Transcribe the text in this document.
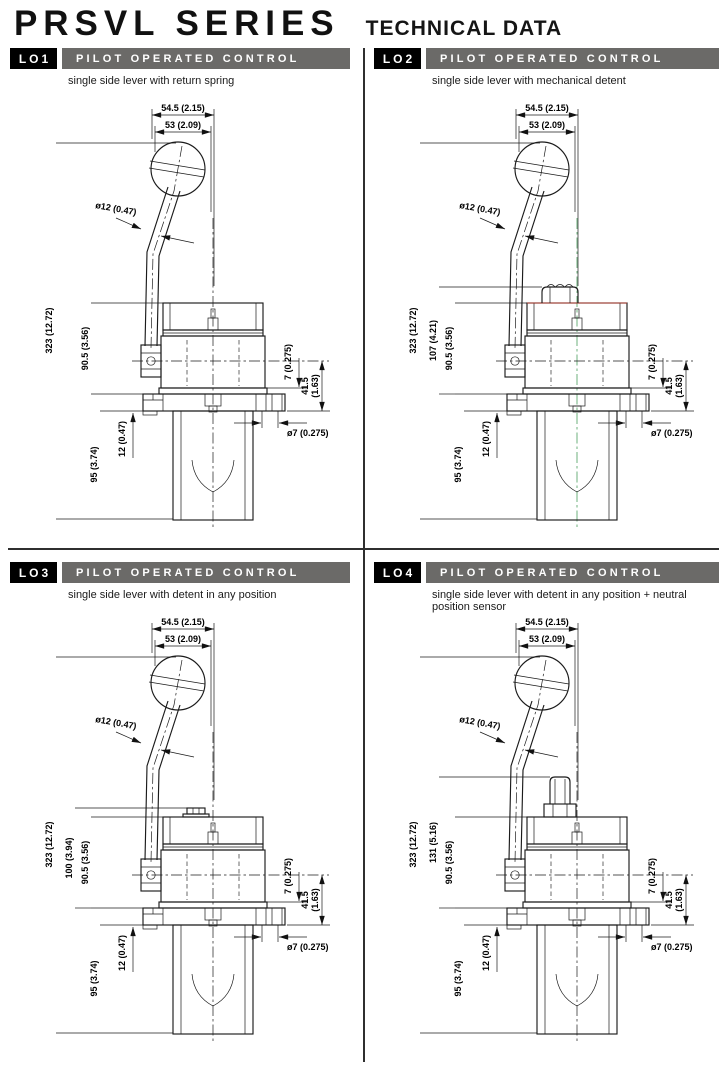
PRSVL SERIES TECHNICAL DATA
LO1	PILOT OPERATED CONTROL
single side lever with return spring
LO2	PILOT OPERATED CONTROL
single side lever with mechanical detent
LO3	PILOT OPERATED CONTROL
single side lever with detent in any position
LO4	PILOT OPERATED CONTROL
single side lever with detent in any position + neutral position sensor
54.5 (2.15)
53 (2.09)
ø12 (0.47)
323 (12.72)	90.5 (3.56)	7 (0.275)
41.5 (1.63)
ø7 (0.275)
12 (0.47)
95 (3.74)
54.5 (2.15)
53 (2.09)
ø12 (0.47)
323 (12.72)	90.5 (3.56)
107 (4.21)
7 (0.275)
41.5 (1.63)
ø7 (0.275)
12 (0.47)
95 (3.74)
54.5 (2.15)
53 (2.09)
ø12 (0.47)
323 (12.72)	90.5 (3.56)
100 (3.94)	7 (0.275)
41.5 (1.63)
ø7 (0.275)
12 (0.47)
95 (3.74)
54.5 (2.15)
53 (2.09)
ø12 (0.47)
323 (12.72)	90.5 (3.56)
131 (5.16)
7 (0.275)
41.5 (1.63)
ø7 (0.275)
12 (0.47)
95 (3.74)
